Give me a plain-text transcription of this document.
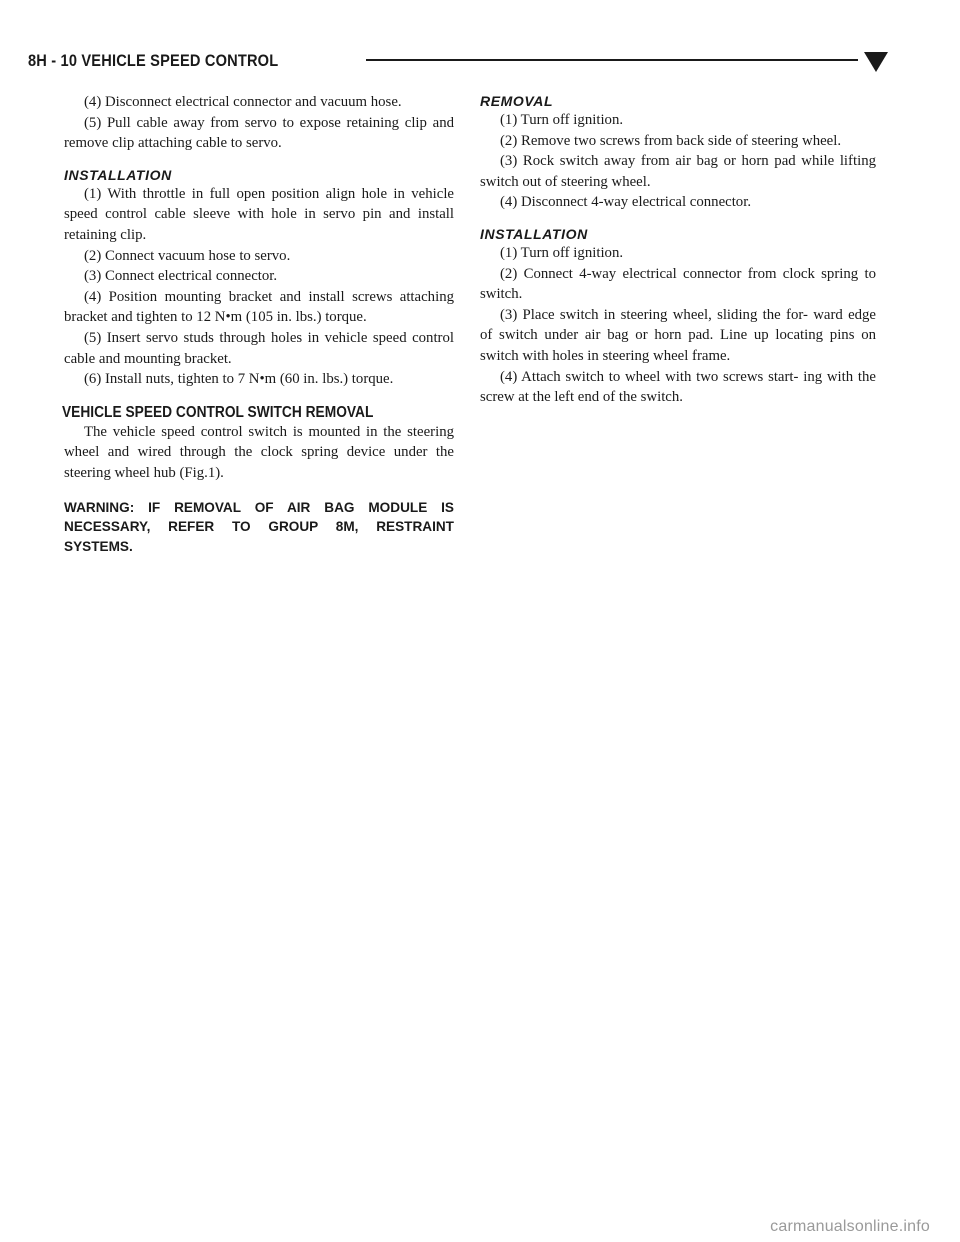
8H - 10 VEHICLE SPEED CONTROL

(4) Disconnect electrical connector and vacuum hose.

(5) Pull cable away from servo to expose retaining clip and remove clip attaching cable to servo.

INSTALLATION

(1) With throttle in full open position align hole in vehicle speed control cable sleeve with hole in servo pin and install retaining clip.

(2) Connect vacuum hose to servo.

(3) Connect electrical connector.

(4) Position mounting bracket and install screws attaching bracket and tighten to 12 N•m (105 in. lbs.) torque.

(5) Insert servo studs through holes in vehicle speed control cable and mounting bracket.

(6) Install nuts, tighten to 7 N•m (60 in. lbs.) torque.

VEHICLE SPEED CONTROL SWITCH REMOVAL

The vehicle speed control switch is mounted in the steering wheel and wired through the clock spring device under the steering wheel hub (Fig.1).

WARNING: IF REMOVAL OF AIR BAG MODULE IS NECESSARY, REFER TO GROUP 8M, RESTRAINT SYSTEMS.

REMOVAL

(1) Turn off ignition.

(2) Remove two screws from back side of steering wheel.

(3) Rock switch away from air bag or horn pad while lifting switch out of steering wheel.

(4) Disconnect 4-way electrical connector.

INSTALLATION

(1) Turn off ignition.

(2) Connect 4-way electrical connector from clock spring to switch.

(3) Place switch in steering wheel, sliding the for- ward edge of switch under air bag or horn pad. Line up locating pins on switch with holes in steering wheel frame.

(4) Attach switch to wheel with two screws start- ing with the screw at the left end of the switch.

carmanualsonline.info
